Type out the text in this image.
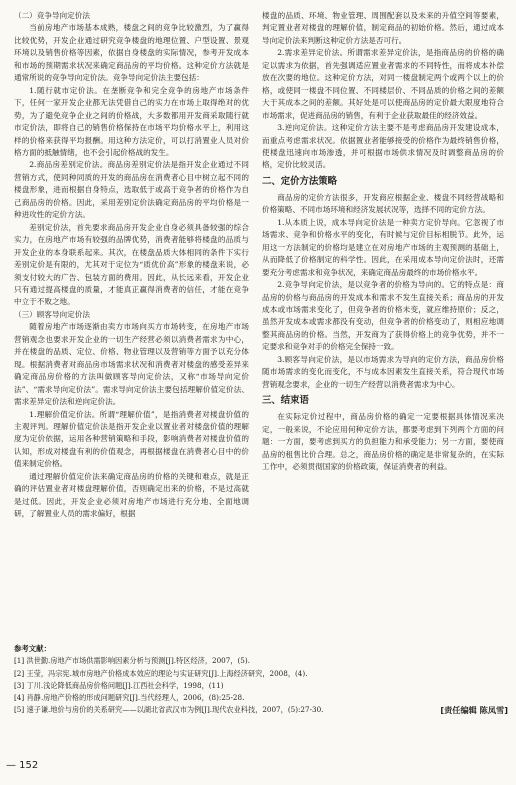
（二）竞争导向定价法

当前房地产市场基本成熟，楼盘之间的竞争比较激烈，为了赢得比较优势，开发企业通过研究竞争楼盘的地理位置、户型设置、景观环境以及销售价格等因素，依据自身楼盘的实际情况，参考开发成本和市场的预期需求状况来确定商品房的平均价格。这种定价方法就是通常所说的竞争导向定价法。竞争导向定价法主要包括：

1.随行就市定价法。在垄断竞争和完全竞争的房地产市场条件下，任何一家开发企业都无法凭借自己的实力在市场上取得绝对的优势，为了避免竞争企业之间的价格战，大多数都用开发商采取随行就市定价法，即将自己的销售价格保持在市场平均价格水平上，利用这样的价格来获得平均报酬。用这种方法定价，可以打消置业人员对价格方面的抵触情绪，也不会引起价格战的发生。

2.商品房差别定价法。商品房差别定价法是指开发企业通过不同营销方式，使同种同质的开发的商品房在消费者心目中树立起不同的楼盘形象，进而根据自身特点，选取低于或高于竞争者的价格作为自己商品房的价格。因此，采用差别定价法确定商品房的平均价格是一种进攻性的定价方法。

差别定价法，首先要求商品房开发企业自身必须具备较强的综合实力，在房地产市场有较强的品牌优势，消费者能够将楼盘的品质与开发企业的本身联系起来。其次，在楼盘品质大体相同的条件下实行差别定价是有限的，尤其对于定位为“质优价高”形象的楼盘来说，必须支付较大的广告、包装方面的费用。因此，从长远来看，开发企业只有通过提高楼盘的质量，才能真正赢得消费者的信任，才能在竞争中立于不败之地。

（三）顾客导向定价法

随着房地产市场逐渐由卖方市场向买方市场转变，在房地产市场营销观念也要求开发企业的一切生产经营必须以消费者需求为中心，并在楼盘的品质、定位、价格、物业管理以及营销等方面予以充分体现。根据消费者对商品房市场需求状况和消费者对楼盘的感受差异来确定商品房价格的方法叫做顾客导向定价法，又称“市场导向定价法”、“需求导向定价法”。需求导向定价法主要包括理解价值定价法、需求差异定价法和逆向定价法。

1.理解价值定价法。所谓“理解价值”，是指消费者对楼盘价值的主观评判。理解价值定价法是指开发企业以置业者对楼盘价值的理解度为定价依据，运用各种营销策略和手段，影响消费者对楼盘价值的认知，形成对楼盘有利的价值观念，再根据楼盘在消费者心目中的价值来制定价格。

通过理解价值定价法来确定商品房的价格的关键和难点，就是正确的评估置业者对楼盘理解价值，否则确定出来的价格，不是过高就是过低。因此，开发企业必须对房地产市场进行充分地、全面地调研，了解置业人员的需求偏好，根据

楼盘的品质、环境、物业管理、周围配套以及未来的升值空间等要素，判定置业者对楼盘的理解价值，制定商品的初始价格。然后，通过成本导向定价法来判断这种定价方法是否可行。

2.需求差异定价法。所谓需求差异定价法，是指商品房的价格的确定以需求为依据，首先强调适应置业者需求的不同特性，而将成本补偿放在次要的地位。这种定价方法，对同一楼盘制定两个或两个以上的价格，或使同一楼盘不同位置、不同楼层价、不同品质的价格之间的差额大于其成本之间的差额。其好处是可以使商品房的定价最大限度地符合市场需求，促进商品房的销售，有利于企业获取最佳的经济效益。

3.逆向定价法。这种定价方法主要不是考虑商品房开发建设成本，而重点考虑需求状况。依据置业者能够接受的价格作为最终销售价格，使楼盘迅速向市场渗透，并可根据市场供求情况及时调整商品房的价格，定价比较灵活。

二、定价方法策略

商品房的定价方法很多，开发商应根据企业、楼盘不同经营战略和价格策略、不同市场环境和经济发展状况等，选择不同的定价方法。

1.从本质上说，成本导向定价法是一种卖方定价导向。它忽视了市场需求、竞争和价格水平的变化，有时候与定价目标相脱节。此外，运用这一方法制定的价格均是建立在对房地产市场的主观预测的基础上，从而降低了价格制定的科学性。因此，在采用成本导向定价法时，还需要充分考虑需求和竞争状况，来确定商品房最终的市场价格水平。

2.竞争导向定价法，是以竞争者的价格为导向的。它的特点是：商品房的价格与商品房的开发成本和需求不发生直接关系；商品房的开发成本或市场需求变化了，但竞争者的价格未变，就应维持原价；反之，虽然开发成本或需求都没有变动，但竞争者的价格变动了，则相应地调整其商品房的价格。当然，开发商为了获得价格上的竞争优势，并不一定要求和竞争对手的价格完全保持一致。

3.顾客导向定价法，是以市场需求为导向的定价方法，商品房价格随市场需求的变化而变化，不与成本因素发生直接关系，符合现代市场营销观念要求，企业的一切生产经营以消费者需求为中心。

三、结束语

在实际定价过程中，商品房价格的确定一定要根据具体情况来决定，一般来说，不论应用何种定价方法，都要考虑到下列两个方面的问题：一方面，要考虑到买方的负担能力和承受能力；另一方面，要使商品房的租售比价合理。总之，商品房价格的确定是非常复杂的，在实际工作中，必须贯彻国家的价格政策，保证消费者的利益。

参考文献：
[1] 洪世勤.房地产市场供需影响因素分析与预测[J].特区经济，2007，(5).
[2] 王莹，冯宗宪.城市房地产价格成本效应的理论与实证研究[J].上海经济研究，2008，(4).
[3] 丁川.浅论降低商品房价格问题[J].江西社会科学，1998，(11)
[4] 肖静.房地产价格的形成问题研究[J].当代经理人，2006，(8):25-28.
[5] 速子谦.地价与房价的关系研究——以湖北省武汉市为例[J].现代农业科技，2007，(5):27-30.	[责任编辑 陈凤雪]
— 152
